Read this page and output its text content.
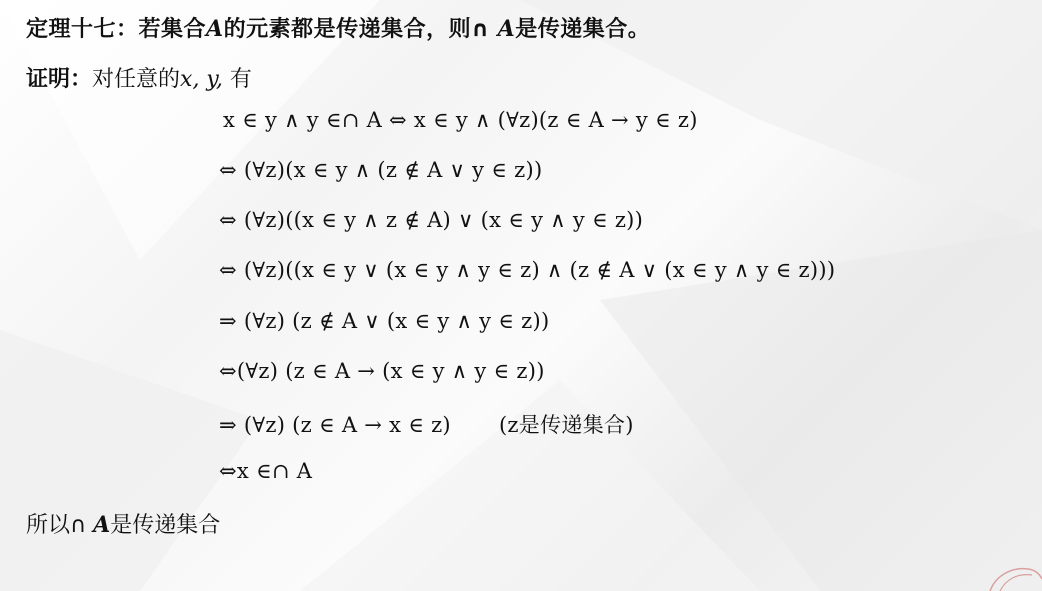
定理十七：若集合A的元素都是传递集合，则∩ A是传递集合。
证明：对任意的x, y, 有
x ∈ y ∧ y ∈∩ A ⇔ x ∈ y ∧ (∀z)(z ∈ A → y ∈ z)
⇔ (∀z)(x ∈ y ∧ (z ∉ A ∨ y ∈ z))
⇔ (∀z)((x ∈ y ∧ z ∉ A) ∨ (x ∈ y ∧ y ∈ z))
⇔ (∀z)((x ∈ y ∨ (x ∈ y ∧ y ∈ z) ∧ (z ∉ A ∨ (x ∈ y ∧ y ∈ z)))
⇒ (∀z) (z ∉ A ∨ (x ∈ y ∧ y ∈ z))
⇔(∀z) (z ∈ A → (x ∈ y ∧ y ∈ z))
⇒ (∀z) (z ∈ A → x ∈ z) (z是传递集合)
⇔x ∈∩ A
所以∩ A是传递集合
